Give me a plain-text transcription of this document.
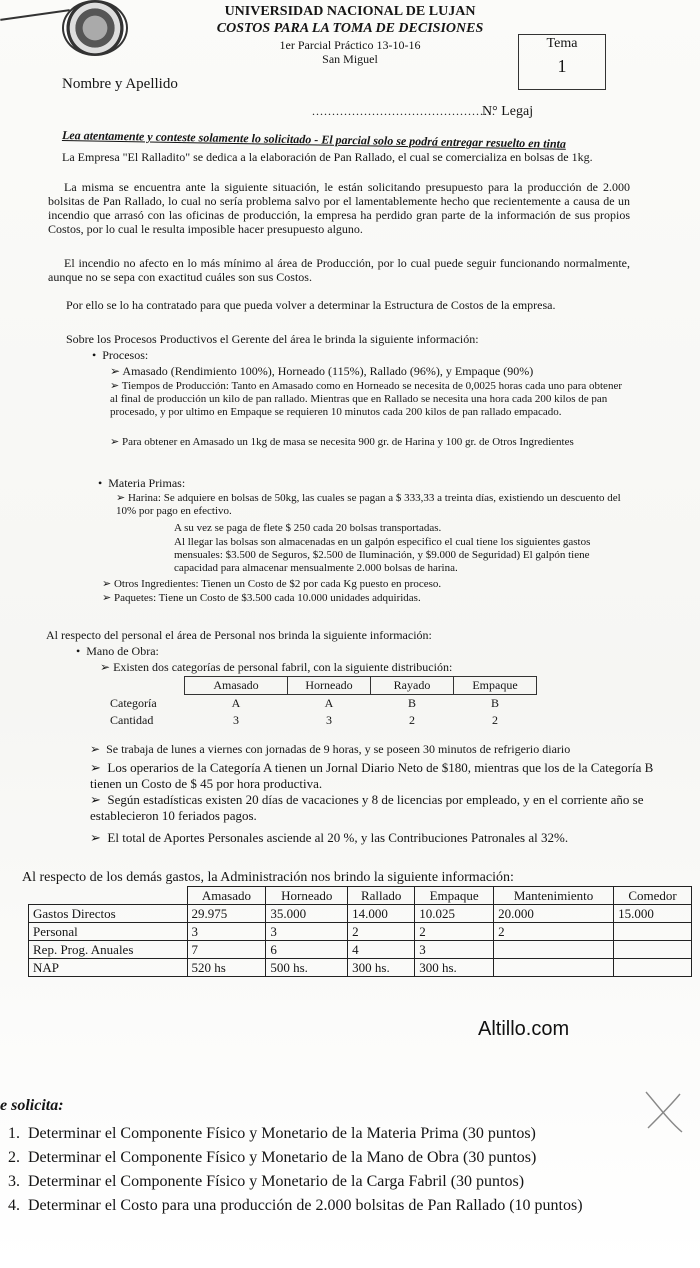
UNIVERSIDAD NACIONAL DE LUJAN
COSTOS PARA LA TOMA DE DECISIONES
1er Parcial Práctico 13-10-16
San Miguel
Tema
1
Nombre y Apellido
..............................................
N° Legaj
Lea atentamente y conteste solamente lo solicitado - El parcial solo se podrá entregar resuelto en tinta
La Empresa "El Ralladito" se dedica a la elaboración de Pan Rallado, el cual se comercializa en bolsas de 1kg.
La misma se encuentra ante la siguiente situación, le están solicitando presupuesto para la producción de 2.000 bolsitas de Pan Rallado, lo cual no sería problema salvo por el lamentablemente hecho que recientemente a causa de un incendio que arrasó con las oficinas de producción, la empresa ha perdido gran parte de la información de sus propios Costos, por lo cual le resulta imposible hacer presupuesto alguno.
El incendio no afecto en lo más mínimo al área de Producción, por lo cual puede seguir funcionando normalmente, aunque no se sepa con exactitud cuáles son sus Costos.
Por ello se lo ha contratado para que pueda volver a determinar la Estructura de Costos de la empresa.
Sobre los Procesos Productivos el Gerente del área le brinda la siguiente información:
•  Procesos:
➢ Amasado (Rendimiento 100%), Horneado (115%), Rallado (96%), y Empaque (90%)
➢ Tiempos de Producción: Tanto en Amasado como en Horneado se necesita de 0,0025 horas cada uno para obtener al final de producción un kilo de pan rallado. Mientras que en Rallado se necesita una hora cada 200 kilos de pan procesado, y por ultimo en Empaque se requieren 10 minutos cada 200 kilos de pan rallado empacado.
➢ Para obtener en Amasado un 1kg de masa se necesita 900 gr. de Harina y 100 gr. de Otros Ingredientes
•  Materia Primas:
➢ Harina: Se adquiere en bolsas de 50kg, las cuales se pagan a $ 333,33 a treinta días, existiendo un descuento del 10% por pago en efectivo.
A su vez se paga de flete $ 250 cada 20 bolsas transportadas.
Al llegar las bolsas son almacenadas en un galpón especifico el cual tiene los siguientes gastos mensuales: $3.500 de Seguros, $2.500 de Iluminación, y $9.000 de Seguridad) El galpón tiene capacidad para almacenar mensualmente 2.000 bolsas de harina.
➢ Otros Ingredientes: Tienen un Costo de $2 por cada Kg puesto en proceso.
➢ Paquetes: Tiene un Costo de $3.500 cada 10.000 unidades adquiridas.
Al respecto del personal el área de Personal nos brinda la siguiente información:
•  Mano de Obra:
➢ Existen dos categorías de personal fabril, con la siguiente distribución:
	Amasado	Horneado	Rayado	Empaque
Categoría	A	A	B	B
Cantidad	3	3	2	2
➢  Se trabaja de lunes a viernes con jornadas de 9 horas, y se poseen 30 minutos de refrigerio diario
➢  Los operarios de la Categoría A tienen un Jornal Diario Neto de $180, mientras que los de la Categoría B tienen un Costo de $ 45 por hora productiva.
➢  Según estadísticas existen 20 días de vacaciones y 8 de licencias por empleado, y en el corriente año se establecieron 10 feriados pagos.
➢  El total de Aportes Personales asciende al 20 %, y las Contribuciones Patronales al 32%.
Al respecto de los demás gastos, la Administración nos brindo la siguiente información:
	Amasado	Horneado	Rallado	Empaque	Mantenimiento	Comedor
Gastos Directos	29.975	35.000	14.000	10.025	20.000	15.000
Personal	3	3	2	2	2	
Rep. Prog. Anuales	7	6	4	3		
NAP	520 hs	500 hs.	300 hs.	300 hs.		
Altillo.com
e solicita:
1.  Determinar el Componente Físico y Monetario de la Materia Prima (30 puntos)
2.  Determinar el Componente Físico y Monetario de la Mano de Obra (30 puntos)
3.  Determinar el Componente Físico y Monetario de la Carga Fabril (30 puntos)
4.  Determinar el Costo para una producción de 2.000 bolsitas de Pan Rallado (10 puntos)
